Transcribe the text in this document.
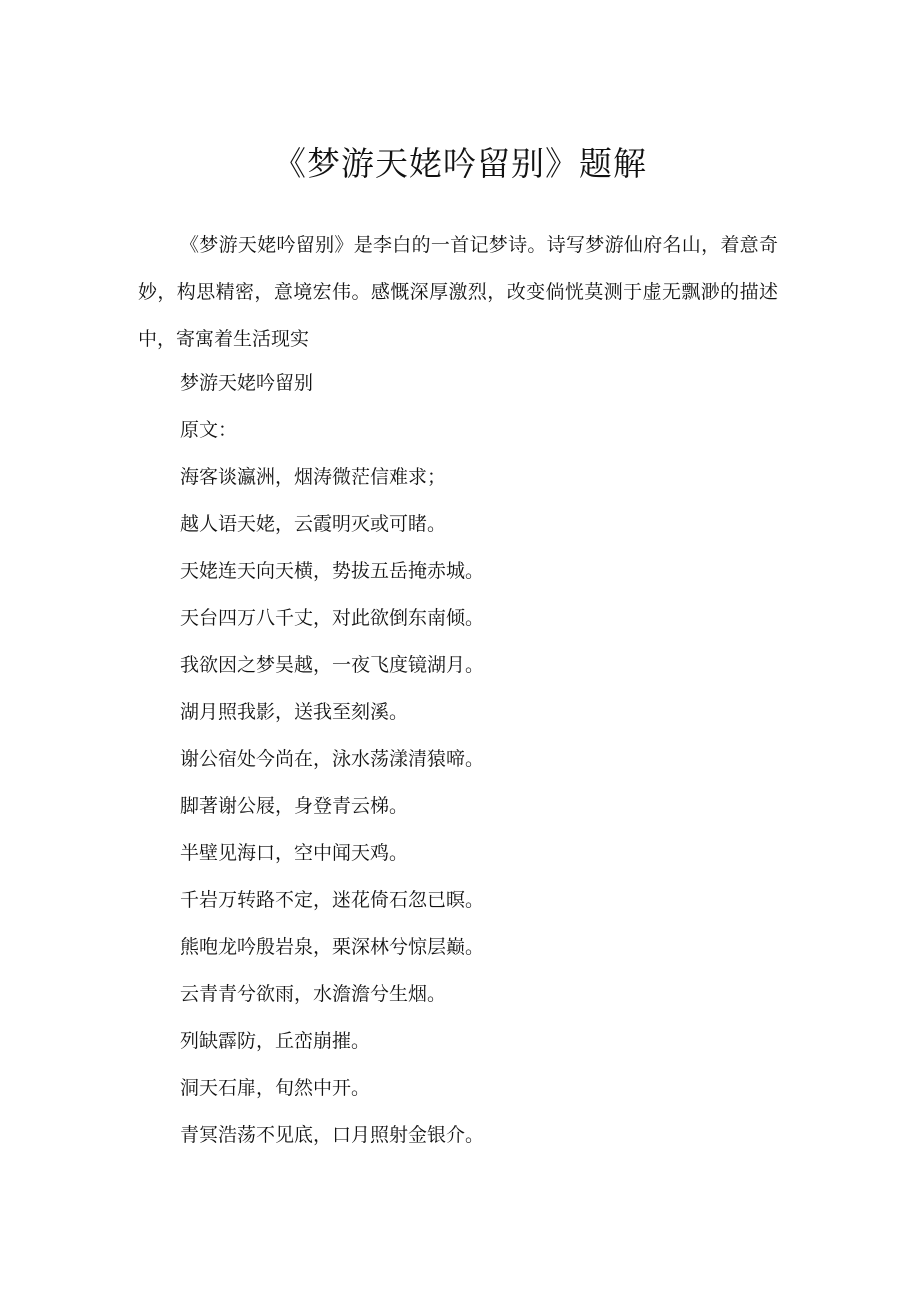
《梦游天姥吟留别》题解

《梦游天姥吟留别》是李白的一首记梦诗。诗写梦游仙府名山，着意奇妙，构思精密，意境宏伟。感慨深厚激烈，改变倘恍莫测于虚无飘渺的描述中，寄寓着生活现实

梦游天姥吟留别
原文：
海客谈瀛洲，烟涛微茫信难求；
越人语天姥，云霞明灭或可睹。
天姥连天向天横，势拔五岳掩赤城。
天台四万八千丈，对此欲倒东南倾。
我欲因之梦吴越，一夜飞度镜湖月。
湖月照我影，送我至刻溪。
谢公宿处今尚在，泳水荡漾清猿啼。
脚著谢公屐，身登青云梯。
半壁见海口，空中闻天鸡。
千岩万转路不定，迷花倚石忽已暝。
熊咆龙吟殷岩泉，栗深林兮惊层巅。
云青青兮欲雨，水澹澹兮生烟。
列缺霹防，丘峦崩摧。
洞天石扉，旬然中开。
青冥浩荡不见底，口月照射金银介。
